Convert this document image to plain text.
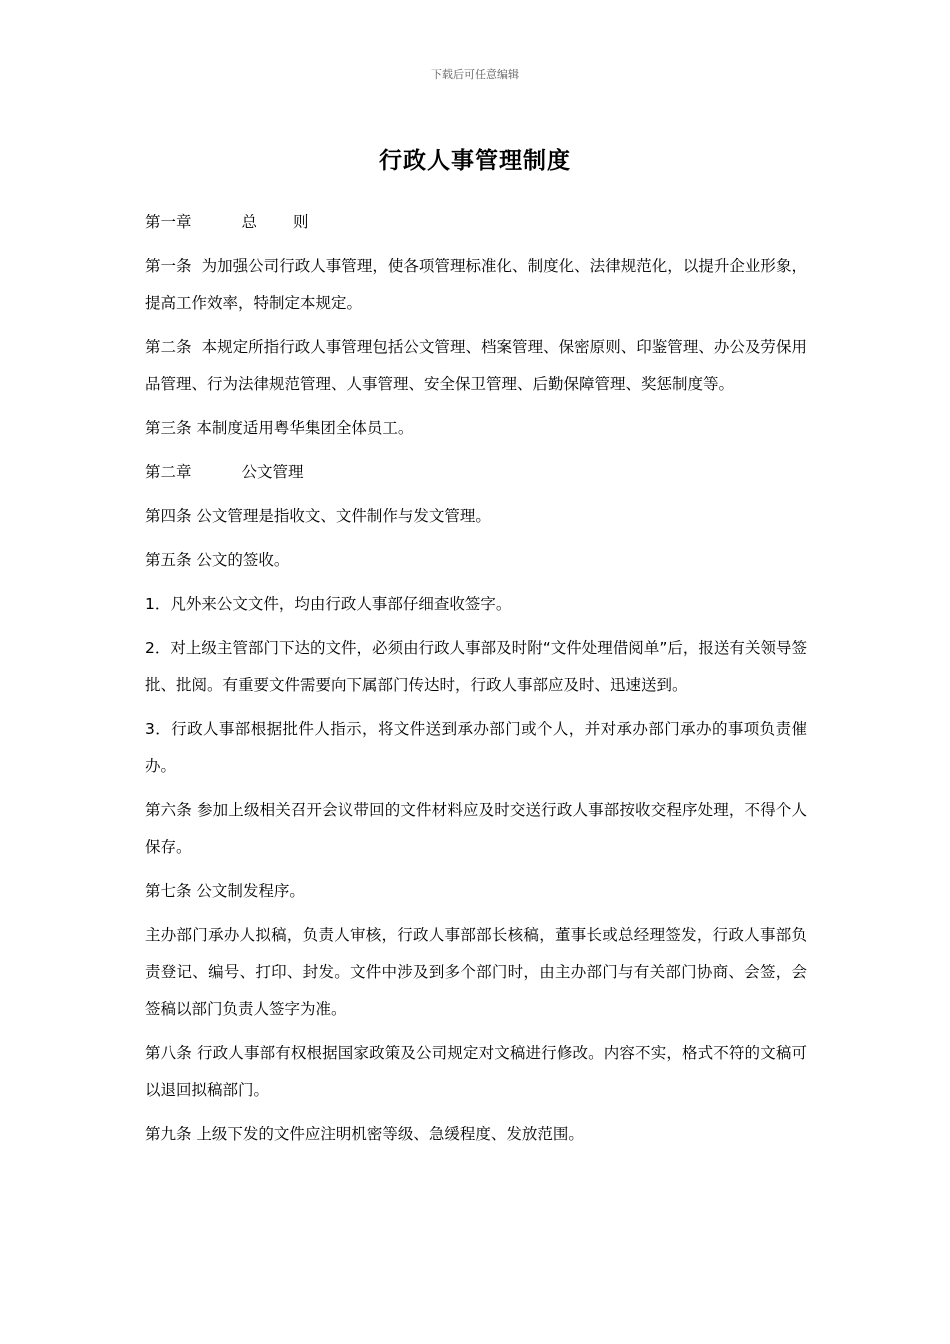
下载后可任意编辑
行政人事管理制度
第一章	总 则

第一条 为加强公司行政人事管理，使各项管理标准化、制度化、法律规范化，以提升企业形象，提高工作效率，特制定本规定。

第二条 本规定所指行政人事管理包括公文管理、档案管理、保密原则、印鉴管理、办公及劳保用品管理、行为法律规范管理、人事管理、安全保卫管理、后勤保障管理、奖惩制度等。

第三条 本制度适用粤华集团全体员工。

第二章	公文管理

第四条 公文管理是指收文、文件制作与发文管理。

第五条 公文的签收。

1．凡外来公文文件，均由行政人事部仔细查收签字。

2．对上级主管部门下达的文件，必须由行政人事部及时附“文件处理借阅单”后，报送有关领导签批、批阅。有重要文件需要向下属部门传达时，行政人事部应及时、迅速送到。

3．行政人事部根据批件人指示，将文件送到承办部门或个人，并对承办部门承办的事项负责催办。

第六条 参加上级相关召开会议带回的文件材料应及时交送行政人事部按收交程序处理，不得个人保存。

第七条 公文制发程序。

主办部门承办人拟稿，负责人审核，行政人事部部长核稿，董事长或总经理签发，行政人事部负责登记、编号、打印、封发。文件中涉及到多个部门时，由主办部门与有关部门协商、会签，会签稿以部门负责人签字为准。

第八条 行政人事部有权根据国家政策及公司规定对文稿进行修改。内容不实，格式不符的文稿可以退回拟稿部门。

第九条 上级下发的文件应注明机密等级、急缓程度、发放范围。
